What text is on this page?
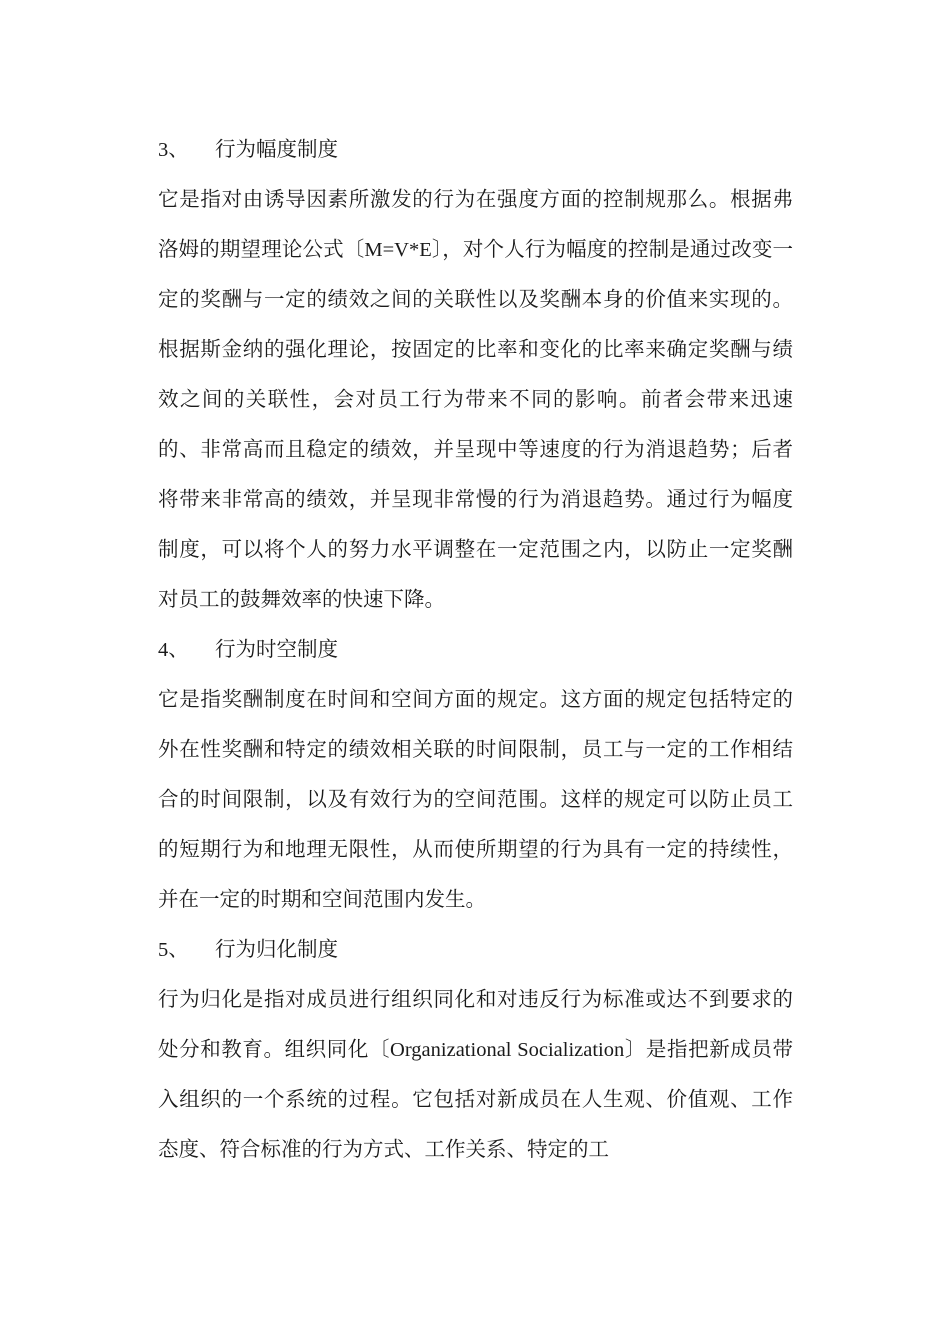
3、	行为幅度制度

它是指对由诱导因素所激发的行为在强度方面的控制规那么。根据弗洛姆的期望理论公式〔M=V*E〕，对个人行为幅度的控制是通过改变一定的奖酬与一定的绩效之间的关联性以及奖酬本身的价值来实现的。根据斯金纳的强化理论，按固定的比率和变化的比率来确定奖酬与绩效之间的关联性，会对员工行为带来不同的影响。前者会带来迅速的、非常高而且稳定的绩效，并呈现中等速度的行为消退趋势；后者将带来非常高的绩效，并呈现非常慢的行为消退趋势。通过行为幅度制度，可以将个人的努力水平调整在一定范围之内，以防止一定奖酬对员工的鼓舞效率的快速下降。

4、	行为时空制度

它是指奖酬制度在时间和空间方面的规定。这方面的规定包括特定的外在性奖酬和特定的绩效相关联的时间限制，员工与一定的工作相结合的时间限制，以及有效行为的空间范围。这样的规定可以防止员工的短期行为和地理无限性，从而使所期望的行为具有一定的持续性，并在一定的时期和空间范围内发生。

5、	行为归化制度

行为归化是指对成员进行组织同化和对违反行为标准或达不到要求的处分和教育。组织同化〔Organizational Socialization〕是指把新成员带入组织的一个系统的过程。它包括对新成员在人生观、价值观、工作态度、符合标准的行为方式、工作关系、特定的工
